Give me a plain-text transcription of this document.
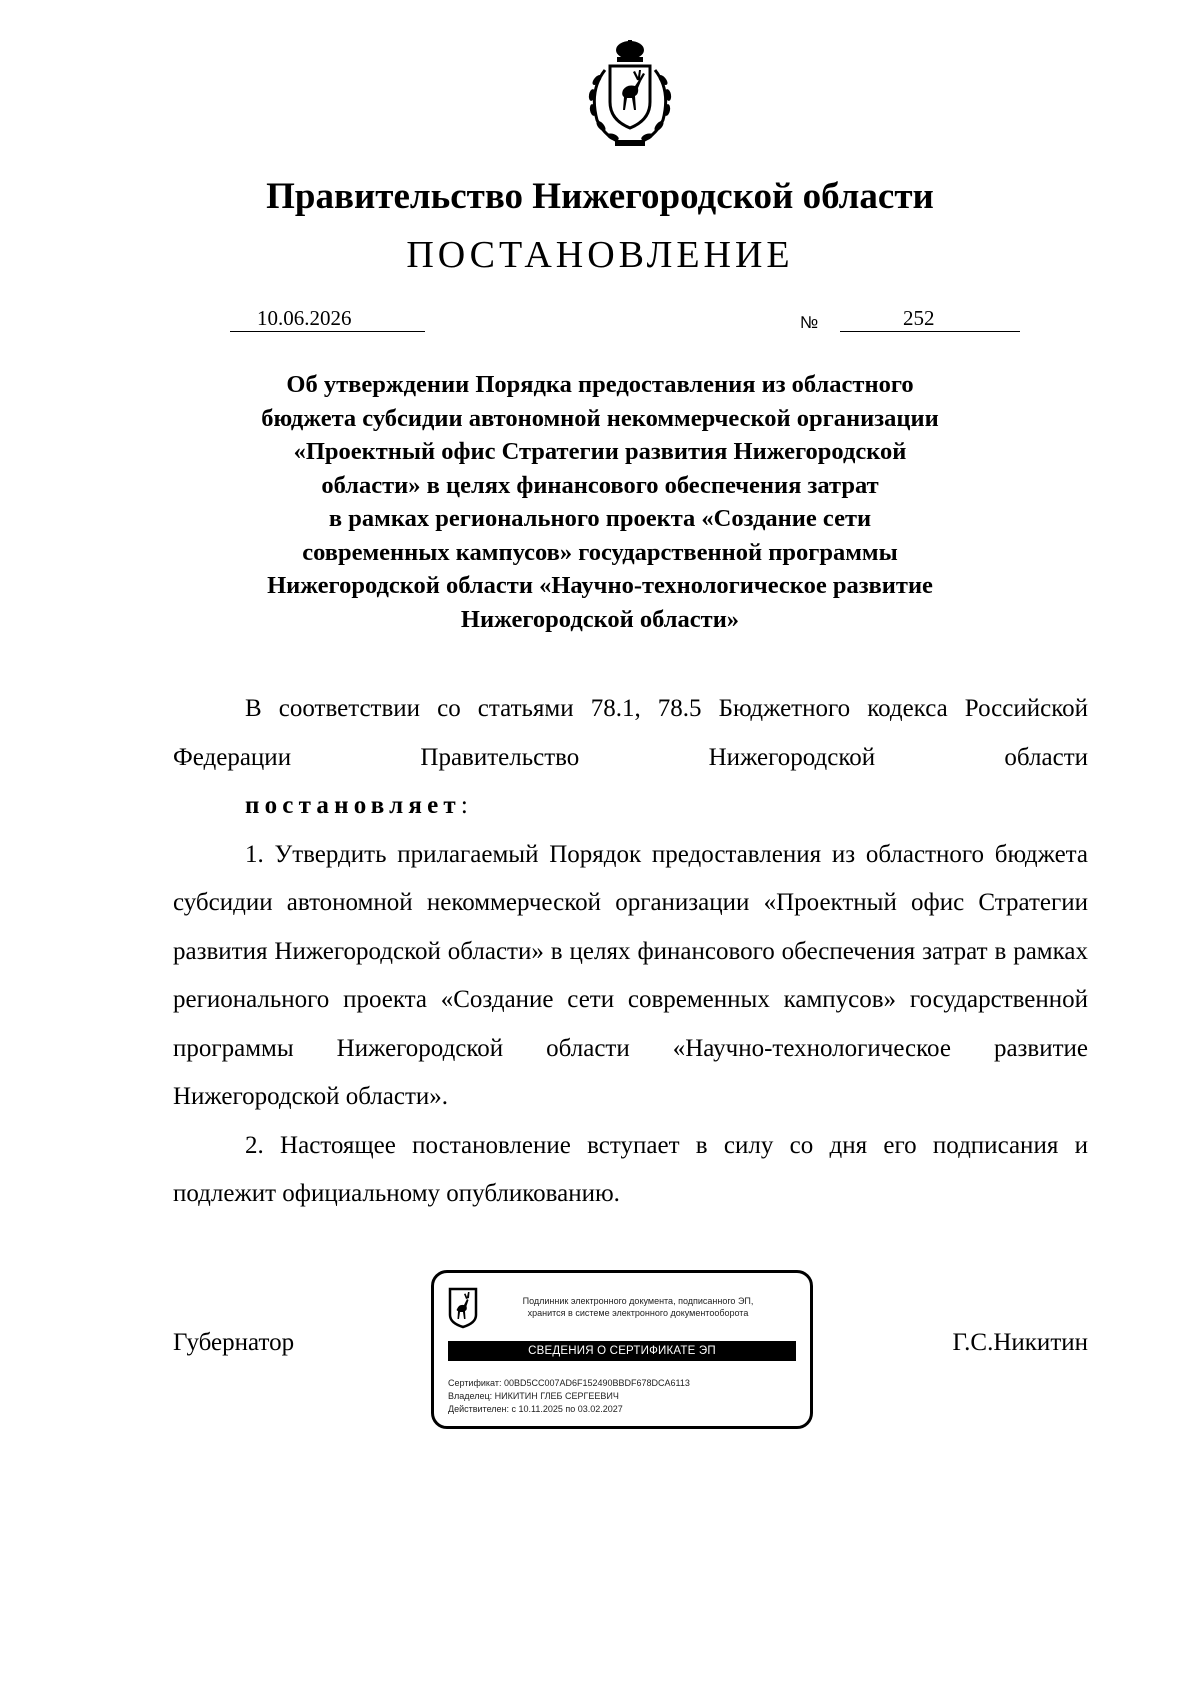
Правительство Нижегородской области
ПОСТАНОВЛЕНИЕ
10.06.2026	№	252
Об утверждении Порядка предоставления из областного
бюджета субсидии автономной некоммерческой организации
«Проектный офис Стратегии развития Нижегородской
области» в целях финансового обеспечения затрат
в рамках регионального проекта «Создание сети
современных кампусов» государственной программы
Нижегородской области «Научно-технологическое развитие
Нижегородской области»

В соответствии со статьями 78.1, 78.5 Бюджетного кодекса Российской Федерации Правительство Нижегородской области

постановляет:

1. Утвердить прилагаемый Порядок предоставления из областного бюджета субсидии автономной некоммерческой организации «Проектный офис Стратегии развития Нижегородской области» в целях финансового обеспечения затрат в рамках регионального проекта «Создание сети современных кампусов» государственной программы Нижегородской области «Научно-технологическое развитие Нижегородской области».

2. Настоящее постановление вступает в силу со дня его подписания и подлежит официальному опубликованию.

Губернатор	Г.С.Никитин
Подлинник электронного документа, подписанного ЭП,
хранится в системе электронного документооборота
СВЕДЕНИЯ О СЕРТИФИКАТЕ ЭП
Сертификат: 00BD5CC007AD6F152490BBDF678DCA6113
Владелец: НИКИТИН ГЛЕБ СЕРГЕЕВИЧ
Действителен: с 10.11.2025 по 03.02.2027
